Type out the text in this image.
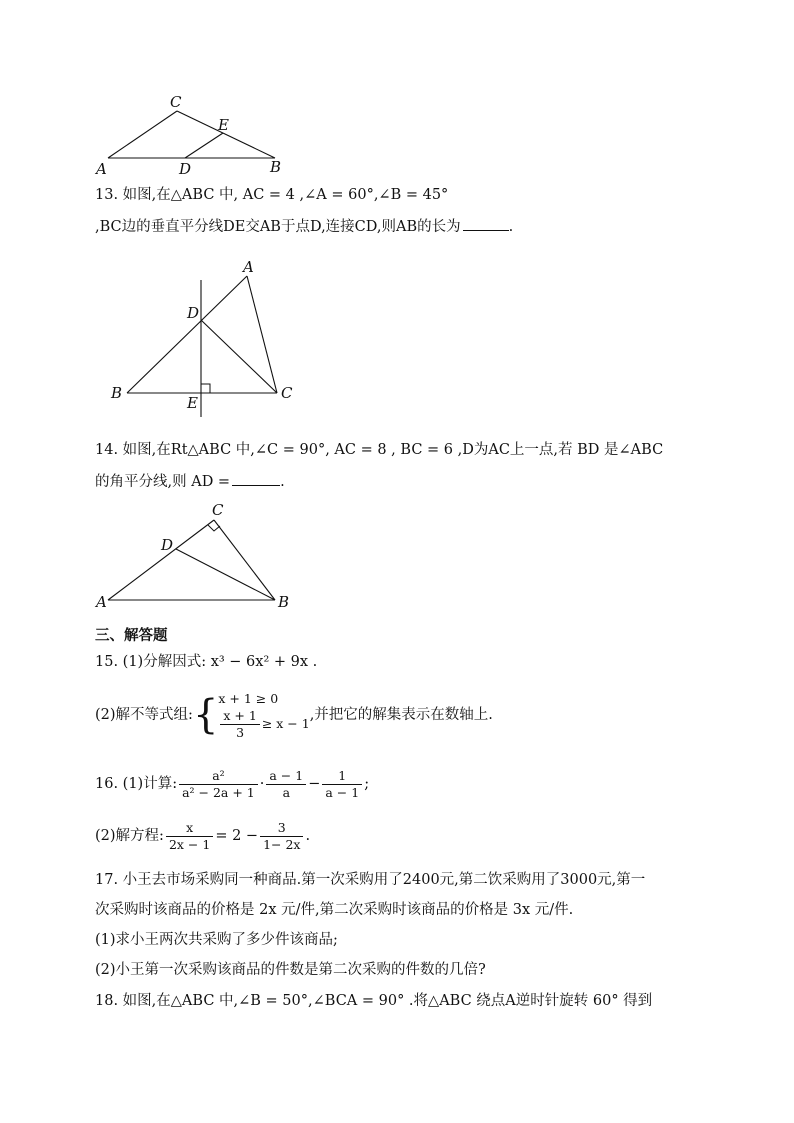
C
E
A	D	B
13. 如图,在△ABC 中, AC = 4 ,∠A = 60°,∠B = 45°
,BC边的垂直平分线DE交AB于点D,连接CD,则AB的长为	.
A
D
B	C
E
14. 如图,在Rt△ABC 中,∠C = 90°, AC = 8 , BC = 6 ,D为AC上一点,若 BD 是∠ABC
的角平分线,则 AD =	.
C
D
A	B
三、解答题
15. (1)分解因式: x³ − 6x² + 9x .
(2)解不等式组: { x + 1 ≥ 0
$\frac{x + 1}{3} \ge x - 1$
,并把它的解集表示在数轴上.
16. (1)计算: $\frac{\text{a²}}{\text{a² − 2a + 1}} \cdot \frac{a - 1}{a} - \frac{1}{a - 1}$ ;
(2)解方程: $\frac{x}{2x - 1} = 2 - \frac{3}{1- 2x}$ .
17. 小王去市场采购同一种商品.第一次采购用了2400元,第二饮采购用了3000元,第一
次采购时该商品的价格是 2x 元/件,第二次采购时该商品的价格是 3x 元/件.
(1)求小王两次共采购了多少件该商品;
(2)小王第一次采购该商品的件数是第二次采购的件数的几倍?
18. 如图,在△ABC 中,∠B = 50°,∠BCA = 90° .将△ABC 绕点A逆时针旋转 60° 得到
